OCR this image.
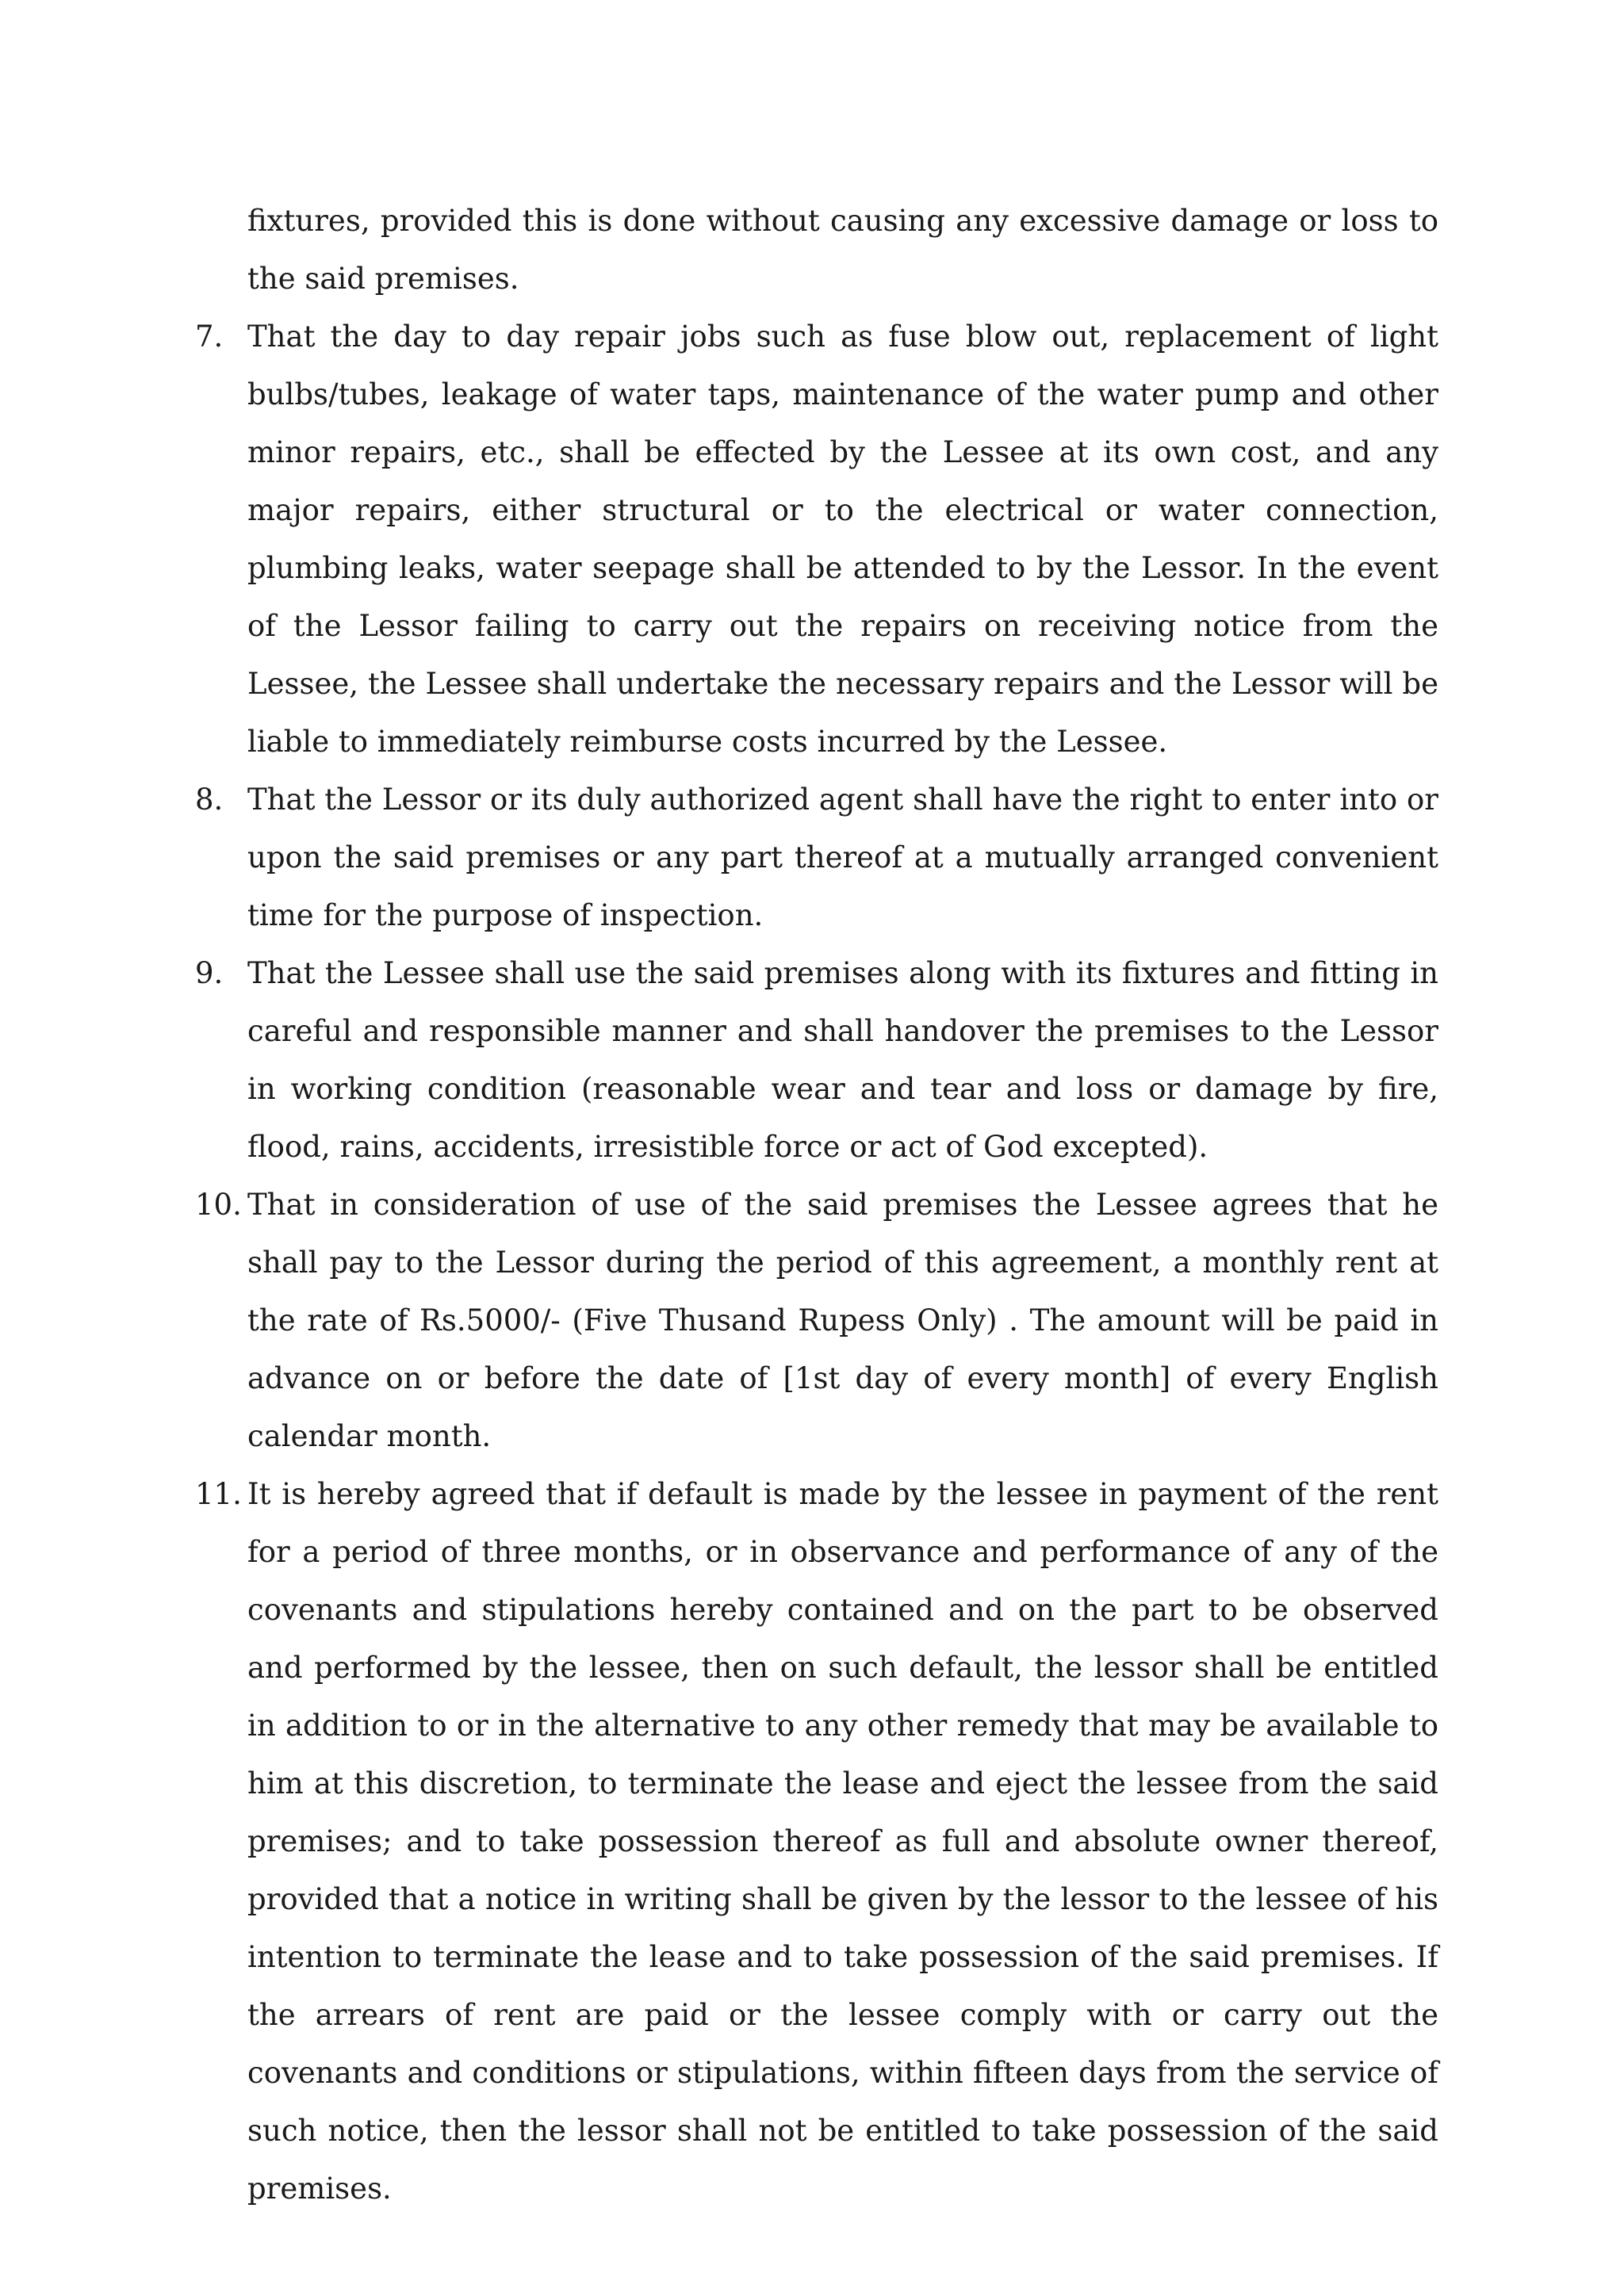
fixtures, provided this is done without causing any excessive damage or loss to the said premises.

7. That the day to day repair jobs such as fuse blow out, replacement of light bulbs/tubes, leakage of water taps, maintenance of the water pump and other minor repairs, etc., shall be effected by the Lessee at its own cost, and any major repairs, either structural or to the electrical or water connection, plumbing leaks, water seepage shall be attended to by the Lessor. In the event of the Lessor failing to carry out the repairs on receiving notice from the Lessee, the Lessee shall undertake the necessary repairs and the Lessor will be liable to immediately reimburse costs incurred by the Lessee.
8. That the Lessor or its duly authorized agent shall have the right to enter into or upon the said premises or any part thereof at a mutually arranged convenient time for the purpose of inspection.
9. That the Lessee shall use the said premises along with its fixtures and fitting in careful and responsible manner and shall handover the premises to the Lessor in working condition (reasonable wear and tear and loss or damage by fire, flood, rains, accidents, irresistible force or act of God excepted).
10. That in consideration of use of the said premises the Lessee agrees that he shall pay to the Lessor during the period of this agreement, a monthly rent at the rate of Rs.5000/- (Five Thusand Rupess Only) . The amount will be paid in advance on or before the date of [1st day of every month] of every English calendar month.
11. It is hereby agreed that if default is made by the lessee in payment of the rent for a period of three months, or in observance and performance of any of the covenants and stipulations hereby contained and on the part to be observed and performed by the lessee, then on such default, the lessor shall be entitled in addition to or in the alternative to any other remedy that may be available to him at this discretion, to terminate the lease and eject the lessee from the said premises; and to take possession thereof as full and absolute owner thereof, provided that a notice in writing shall be given by the lessor to the lessee of his intention to terminate the lease and to take possession of the said premises. If the arrears of rent are paid or the lessee comply with or carry out the covenants and conditions or stipulations, within fifteen days from the service of such notice, then the lessor shall not be entitled to take possession of the said premises.
